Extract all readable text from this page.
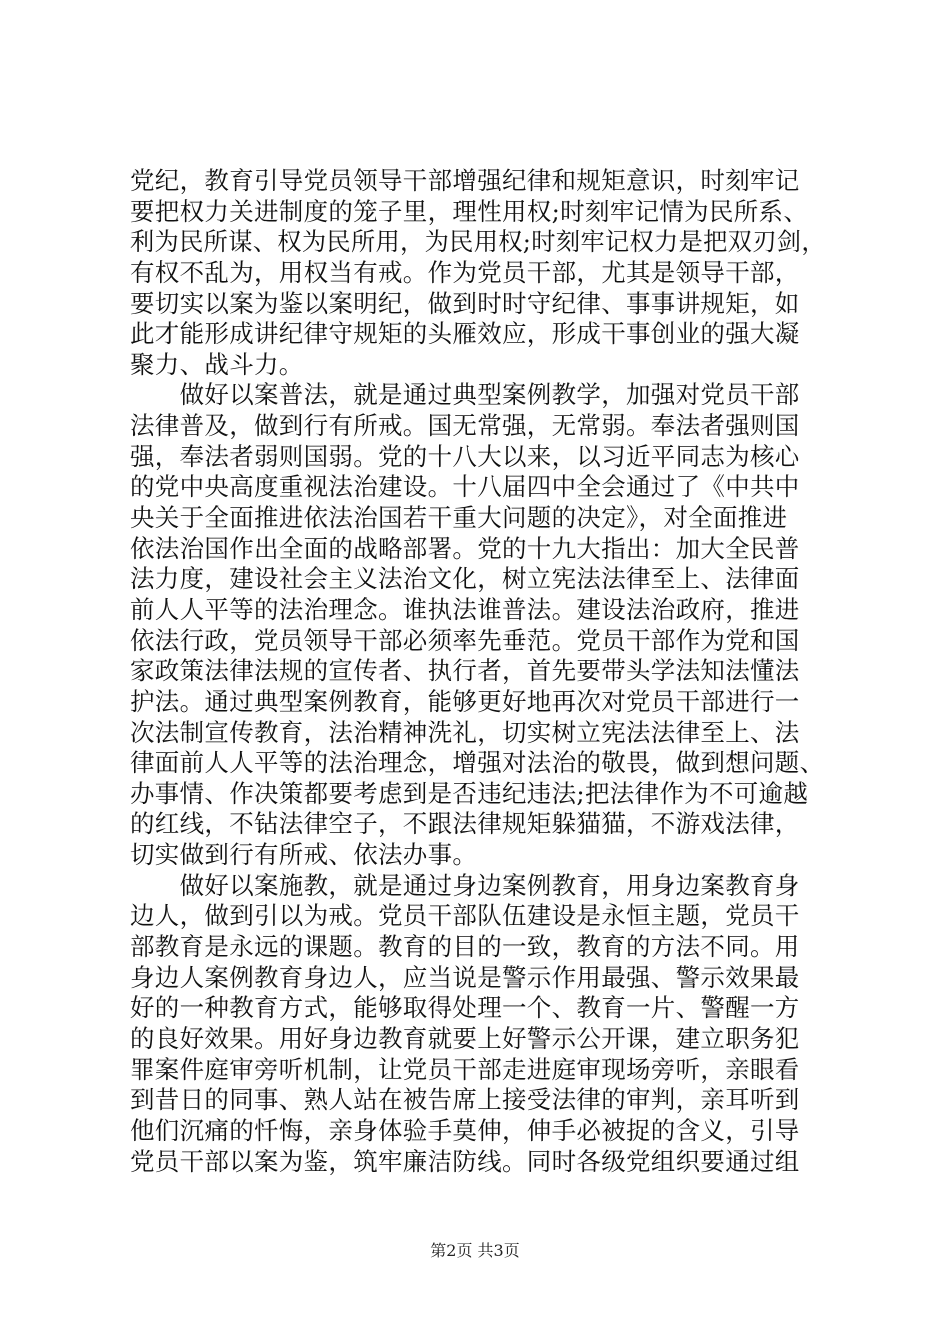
党纪，教育引导党员领导干部增强纪律和规矩意识，时刻牢记
要把权力关进制度的笼子里，理性用权;时刻牢记情为民所系、
利为民所谋、权为民所用，为民用权;时刻牢记权力是把双刃剑，
有权不乱为，用权当有戒。作为党员干部，尤其是领导干部，
要切实以案为鉴以案明纪，做到时时守纪律、事事讲规矩，如
此才能形成讲纪律守规矩的头雁效应，形成干事创业的强大凝
聚力、战斗力。
　　做好以案普法，就是通过典型案例教学，加强对党员干部
法律普及，做到行有所戒。国无常强，无常弱。奉法者强则国
强，奉法者弱则国弱。党的十八大以来，以习近平同志为核心
的党中央高度重视法治建设。十八届四中全会通过了《中共中
央关于全面推进依法治国若干重大问题的决定》，对全面推进
依法治国作出全面的战略部署。党的十九大指出：加大全民普
法力度，建设社会主义法治文化，树立宪法法律至上、法律面
前人人平等的法治理念。谁执法谁普法。建设法治政府，推进
依法行政，党员领导干部必须率先垂范。党员干部作为党和国
家政策法律法规的宣传者、执行者，首先要带头学法知法懂法
护法。通过典型案例教育，能够更好地再次对党员干部进行一
次法制宣传教育，法治精神洗礼，切实树立宪法法律至上、法
律面前人人平等的法治理念，增强对法治的敬畏，做到想问题、
办事情、作决策都要考虑到是否违纪违法;把法律作为不可逾越
的红线，不钻法律空子，不跟法律规矩躲猫猫，不游戏法律，
切实做到行有所戒、依法办事。
　　做好以案施教，就是通过身边案例教育，用身边案教育身
边人，做到引以为戒。党员干部队伍建设是永恒主题，党员干
部教育是永远的课题。教育的目的一致，教育的方法不同。用
身边人案例教育身边人，应当说是警示作用最强、警示效果最
好的一种教育方式，能够取得处理一个、教育一片、警醒一方
的良好效果。用好身边教育就要上好警示公开课，建立职务犯
罪案件庭审旁听机制，让党员干部走进庭审现场旁听，亲眼看
到昔日的同事、熟人站在被告席上接受法律的审判，亲耳听到
他们沉痛的忏悔，亲身体验手莫伸，伸手必被捉的含义，引导
党员干部以案为鉴，筑牢廉洁防线。同时各级党组织要通过组
第2页 共3页
